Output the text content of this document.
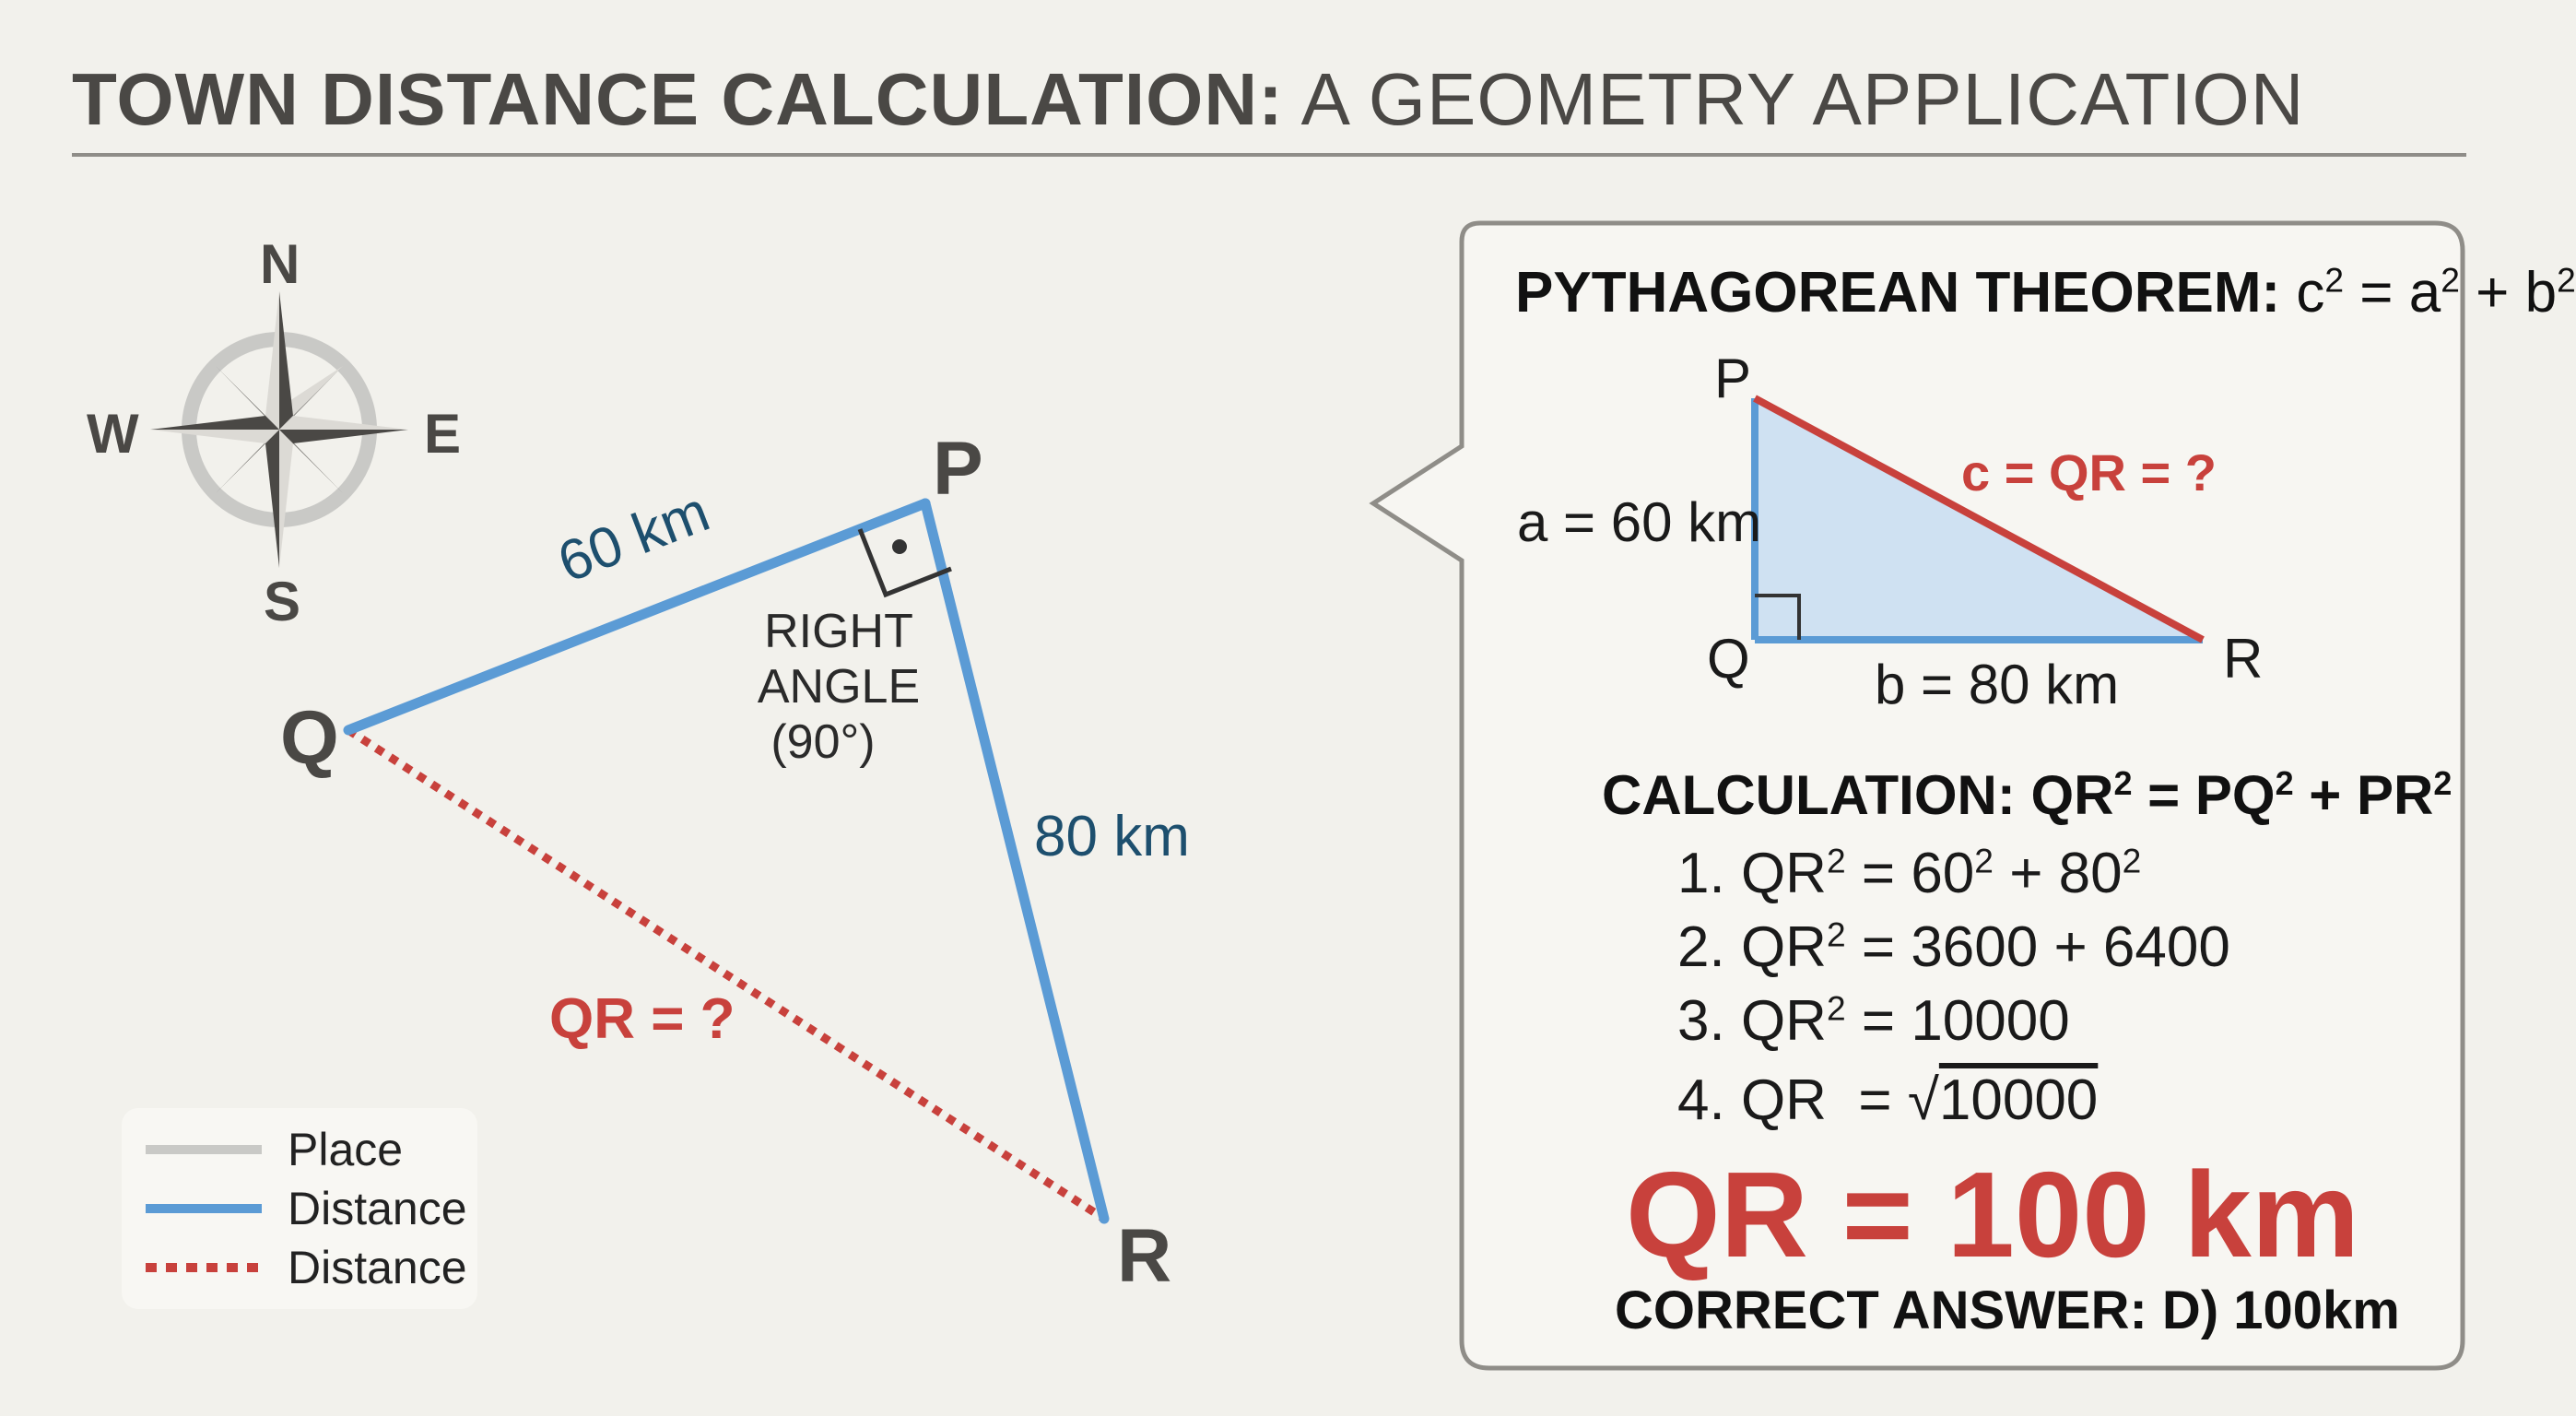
TOWN DISTANCE CALCULATION: A GEOMETRY APPLICATION
N
S
E
W	P
Q
R
60 km
80 km
QR = ?
RIGHT
ANGLE
(90°)
Place
Distance
Distance
PYTHAGOREAN THEOREM: $c^2 = a^2 + b^2$
P
Q	R
a = 60 km
b = 80 km
c = QR = ?
CALCULATION: $QR^2 = PQ^2 + PR^2$
1. $QR^2 = 60^2 + 80^2$
2. $QR^2 = 3600 + 6400$
3. $QR^2 = 10000$
4. QR  = √10000
QR = 100 km
CORRECT ANSWER: D) 100km
